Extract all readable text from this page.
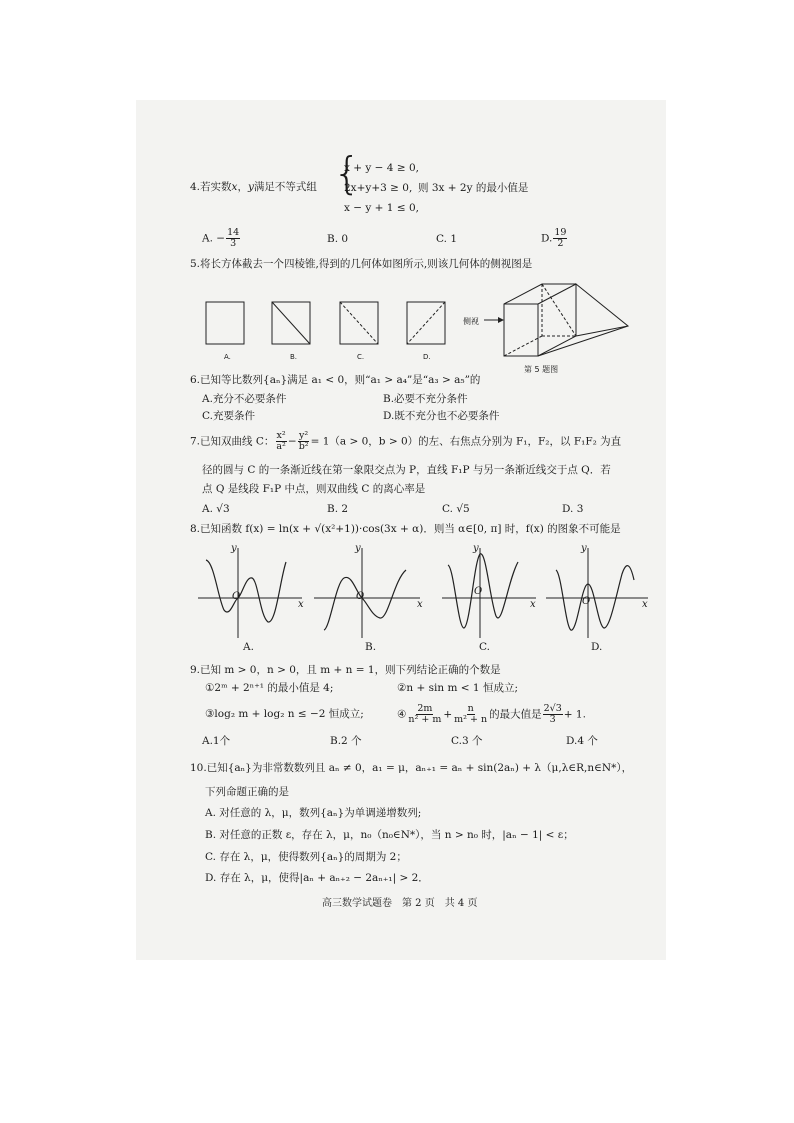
4.若实数x，y满足不等式组 {
x + y − 4 ≥ 0,
2x+y+3 ≥ 0,
x − y + 1 ≤ 0,
则 3x + 2y 的最小值是
A. − $\frac{14}{3}$	B. 0	C. 1	D. $\frac{19}{2}$
5.将长方体截去一个四棱锥,得到的几何体如图所示,则该几何体的侧视图是
A.	B.	C.	D.
侧视
第 5 题图
6.已知等比数列{aₙ}满足 a₁ < 0，则“a₁ > a₄”是“a₃ > a₅”的
A.充分不必要条件	B.必要不充分条件
C.充要条件	D.既不充分也不必要条件
7.已知双曲线 C： $\frac{\text{x²}}{\text{a²}} - \frac{\text{y²}}{\text{b²}} = 1(a > 0$，b > 0）的左、右焦点分别为 F₁，F₂，以 F₁F₂ 为直
径的圆与 C 的一条渐近线在第一象限交点为 P，直线 F₁P 与另一条渐近线交于点 Q．若
点 Q 是线段 F₁P 中点，则双曲线 C 的离心率是
A. √3	B. 2	C. √5	D. 3
8.已知函数 f(x) = ln(x + √(x²+1))·cos(3x + α)．则当 α∈[0, π] 时，f(x) 的图象不可能是
y
O
x
y
O
x
y
O
x
y
O	x
A.	B.	C.	D.
9.已知 m > 0，n > 0，且 m + n = 1，则下列结论正确的个数是
①2ᵐ + 2ⁿ⁺¹ 的最小值是 4;	②n + sin m < 1 恒成立;
③log₂ m + log₂ n ≤ −2 恒成立;	④ $\frac{2m}{\text{n² + m}} + \frac{n}{\text{m² + n}}$ 的最大值是 $\frac{2√3}{3} + 1$.
A.1个	B.2 个	C.3 个	D.4 个
10.已知{aₙ}为非常数数列且 aₙ ≠ 0，a₁ = μ，aₙ₊₁ = aₙ + sin(2aₙ) + λ（μ,λ∈R,n∈N*），
下列命题正确的是
A. 对任意的 λ，μ，数列{aₙ}为单调递增数列;
B. 对任意的正数 ε，存在 λ，μ，n₀（n₀∈N*），当 n > n₀ 时，|aₙ − 1| < ε；
C. 存在 λ，μ，使得数列{aₙ}的周期为 2；
D. 存在 λ，μ，使得|aₙ + aₙ₊₂ − 2aₙ₊₁| > 2．
高三数学试题卷　第 2 页　共 4 页
